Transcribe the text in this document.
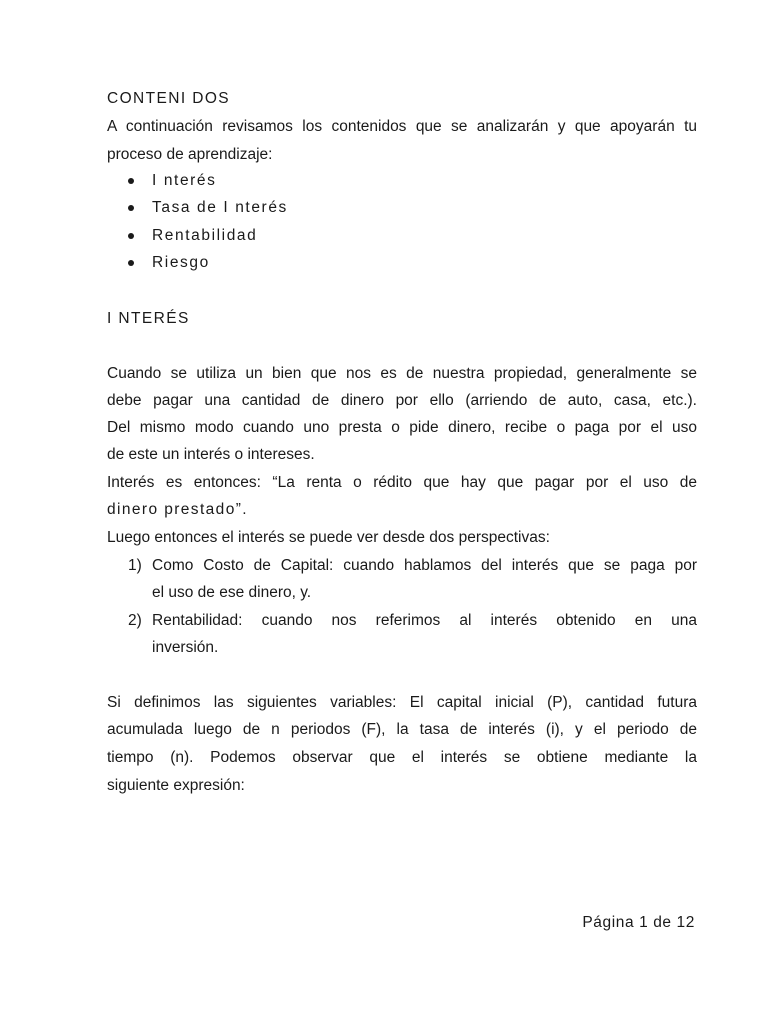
CONTENI DOS
A continuación revisamos los contenidos que se analizarán y que apoyarán tu
proceso de aprendizaje:
I nterés
Tasa de I nterés
Rentabilidad
Riesgo
I NTERÉS
Cuando se utiliza un bien que nos es de nuestra propiedad, generalmente se
debe pagar una cantidad de dinero por ello (arriendo de auto, casa, etc.).
Del mismo modo cuando uno presta o pide dinero, recibe o paga por el uso
de este un interés o intereses.
Interés es entonces: “La renta o rédito que hay que pagar por el uso de
dinero prestado”.
Luego entonces el interés se puede ver desde dos perspectivas:
1) Como Costo de Capital: cuando hablamos del interés que se paga por
el uso de ese dinero, y.
2) Rentabilidad: cuando nos referimos al interés obtenido en una
inversión.
Si definimos las siguientes variables: El capital inicial (P), cantidad futura
acumulada luego de n periodos (F), la tasa de interés (i), y el periodo de
tiempo (n). Podemos observar que el interés se obtiene mediante la
siguiente expresión:
Página 1 de 12
